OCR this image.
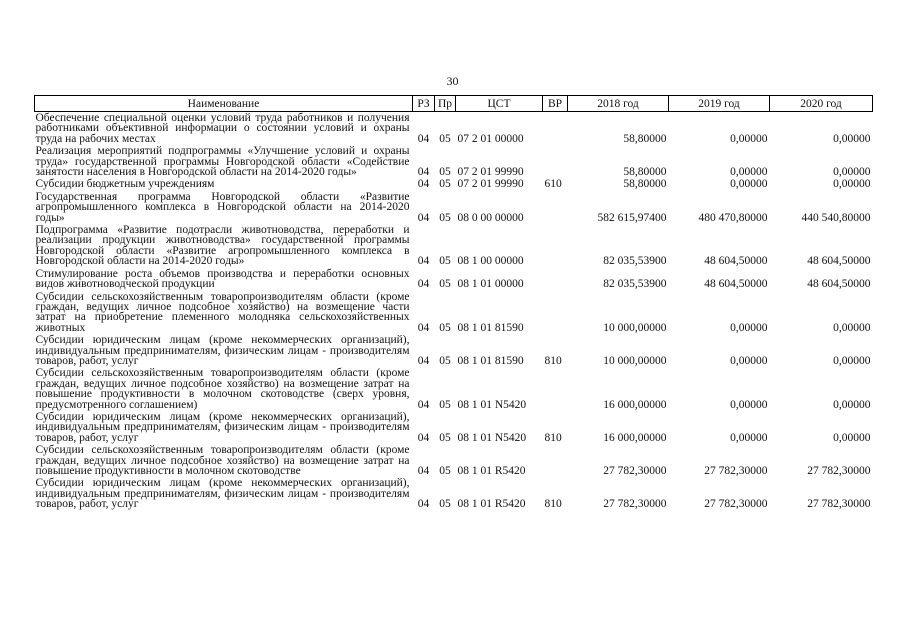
30
Наименование	РЗ	Пр	ЦСТ	ВР	2018 год	2019 год	2020 год

Обеспечение специальной оценки условий труда работников и получения работниками объективной информации о состоянии условий и охраны труда на рабочих местах	04	05	07 2 01 00000		58,80000	0,00000	0,00000

Реализация мероприятий подпрограммы «Улучшение условий и охраны труда» государственной программы Новгородской области «Содействие занятости населения в Новгородской области на 2014-2020 годы»	04	05	07 2 01 99990		58,80000	0,00000	0,00000

Субсидии бюджетным учреждениям	04	05	07 2 01 99990	610	58,80000	0,00000	0,00000

Государственная программа Новгородской области «Развитие агропромышленного комплекса в Новгородской области на 2014-2020 годы»	04	05	08 0 00 00000		582 615,97400	480 470,80000	440 540,80000

Подпрограмма «Развитие подотрасли животноводства, переработки и реализации продукции животноводства» государственной программы Новгородской области «Развитие агропромышленного комплекса в Новгородской области на 2014-2020 годы»	04	05	08 1 00 00000		82 035,53900	48 604,50000	48 604,50000

Стимулирование роста объемов производства и переработки основных видов животноводческой продукции	04	05	08 1 01 00000		82 035,53900	48 604,50000	48 604,50000

Субсидии сельскохозяйственным товаропроизводителям области (кроме граждан, ведущих личное подсобное хозяйство) на возмещение части затрат на приобретение племенного молодняка сельскохозяйственных животных	04	05	08 1 01 81590		10 000,00000	0,00000	0,00000

Субсидии юридическим лицам (кроме некоммерческих организаций), индивидуальным предпринимателям, физическим лицам - производителям товаров, работ, услуг	04	05	08 1 01 81590	810	10 000,00000	0,00000	0,00000

Субсидии сельскохозяйственным товаропроизводителям области (кроме граждан, ведущих личное подсобное хозяйство) на возмещение затрат на повышение продуктивности в молочном скотоводстве (сверх уровня, предусмотренного соглашением)	04	05	08 1 01 N5420		16 000,00000	0,00000	0,00000

Субсидии юридическим лицам (кроме некоммерческих организаций), индивидуальным предпринимателям, физическим лицам - производителям товаров, работ, услуг	04	05	08 1 01 N5420	810	16 000,00000	0,00000	0,00000

Субсидии сельскохозяйственным товаропроизводителям области (кроме граждан, ведущих личное подсобное хозяйство) на возмещение затрат на повышение продуктивности в молочном скотоводстве	04	05	08 1 01 R5420		27 782,30000	27 782,30000	27 782,30000

Субсидии юридическим лицам (кроме некоммерческих организаций), индивидуальным предпринимателям, физическим лицам - производителям товаров, работ, услуг	04	05	08 1 01 R5420	810	27 782,30000	27 782,30000	27 782,30000
